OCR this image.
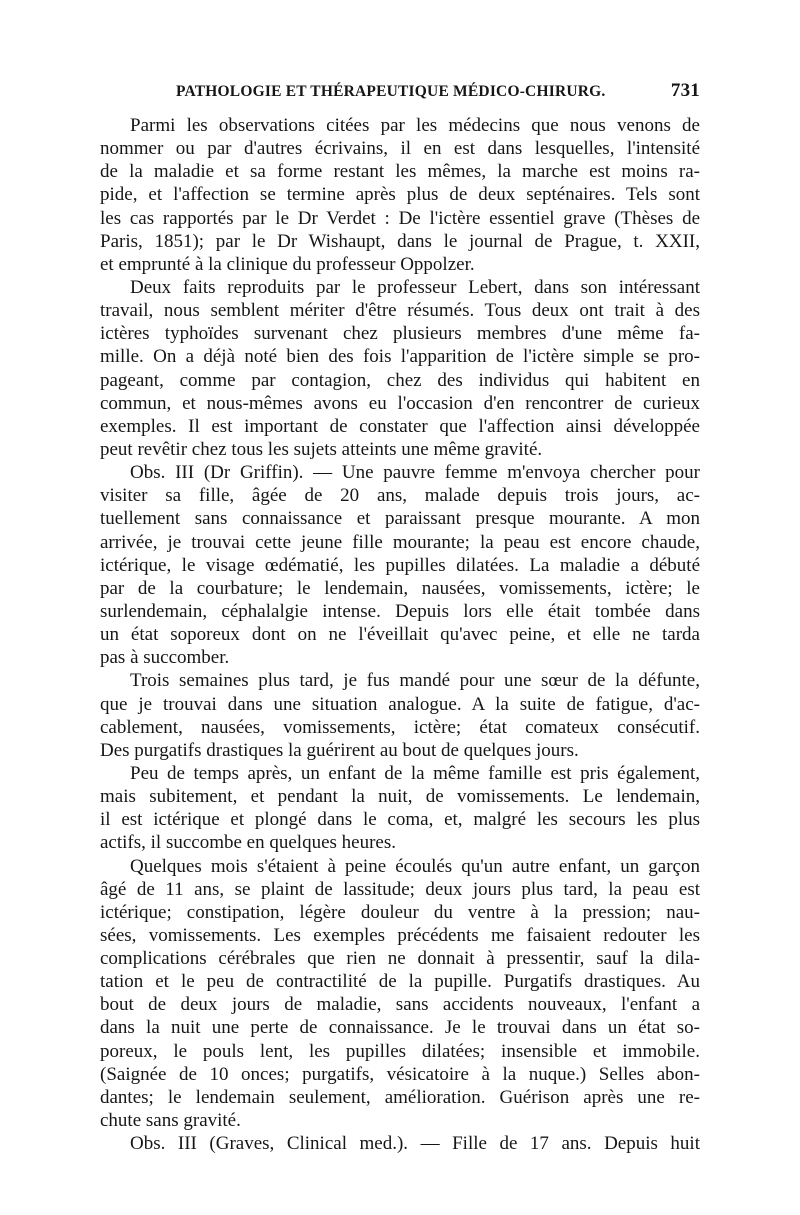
PATHOLOGIE ET THÉRAPEUTIQUE MÉDICO-CHIRURG.	731
Parmi les observations citées par les médecins que nous venons de
nommer ou par d'autres écrivains, il en est dans lesquelles, l'intensité
de la maladie et sa forme restant les mêmes, la marche est moins ra-
pide, et l'affection se termine après plus de deux septénaires. Tels sont
les cas rapportés par le Dr Verdet : De l'ictère essentiel grave (Thèses de
Paris, 1851); par le Dr Wishaupt, dans le journal de Prague, t. XXII,
et emprunté à la clinique du professeur Oppolzer.
Deux faits reproduits par le professeur Lebert, dans son intéressant
travail, nous semblent mériter d'être résumés. Tous deux ont trait à des
ictères typhoïdes survenant chez plusieurs membres d'une même fa-
mille. On a déjà noté bien des fois l'apparition de l'ictère simple se pro-
pageant, comme par contagion, chez des individus qui habitent en
commun, et nous-mêmes avons eu l'occasion d'en rencontrer de curieux
exemples. Il est important de constater que l'affection ainsi développée
peut revêtir chez tous les sujets atteints une même gravité.
Obs. III (Dr Griffin). — Une pauvre femme m'envoya chercher pour
visiter sa fille, âgée de 20 ans, malade depuis trois jours, ac-
tuellement sans connaissance et paraissant presque mourante. A mon
arrivée, je trouvai cette jeune fille mourante; la peau est encore chaude,
ictérique, le visage œdématié, les pupilles dilatées. La maladie a débuté
par de la courbature; le lendemain, nausées, vomissements, ictère; le
surlendemain, céphalalgie intense. Depuis lors elle était tombée dans
un état soporeux dont on ne l'éveillait qu'avec peine, et elle ne tarda
pas à succomber.
Trois semaines plus tard, je fus mandé pour une sœur de la défunte,
que je trouvai dans une situation analogue. A la suite de fatigue, d'ac-
cablement, nausées, vomissements, ictère; état comateux consécutif.
Des purgatifs drastiques la guérirent au bout de quelques jours.
Peu de temps après, un enfant de la même famille est pris également,
mais subitement, et pendant la nuit, de vomissements. Le lendemain,
il est ictérique et plongé dans le coma, et, malgré les secours les plus
actifs, il succombe en quelques heures.
Quelques mois s'étaient à peine écoulés qu'un autre enfant, un garçon
âgé de 11 ans, se plaint de lassitude; deux jours plus tard, la peau est
ictérique; constipation, légère douleur du ventre à la pression; nau-
sées, vomissements. Les exemples précédents me faisaient redouter les
complications cérébrales que rien ne donnait à pressentir, sauf la dila-
tation et le peu de contractilité de la pupille. Purgatifs drastiques. Au
bout de deux jours de maladie, sans accidents nouveaux, l'enfant a
dans la nuit une perte de connaissance. Je le trouvai dans un état so-
poreux, le pouls lent, les pupilles dilatées; insensible et immobile.
(Saignée de 10 onces; purgatifs, vésicatoire à la nuque.) Selles abon-
dantes; le lendemain seulement, amélioration. Guérison après une re-
chute sans gravité.
Obs. III (Graves, Clinical med.). — Fille de 17 ans. Depuis huit
